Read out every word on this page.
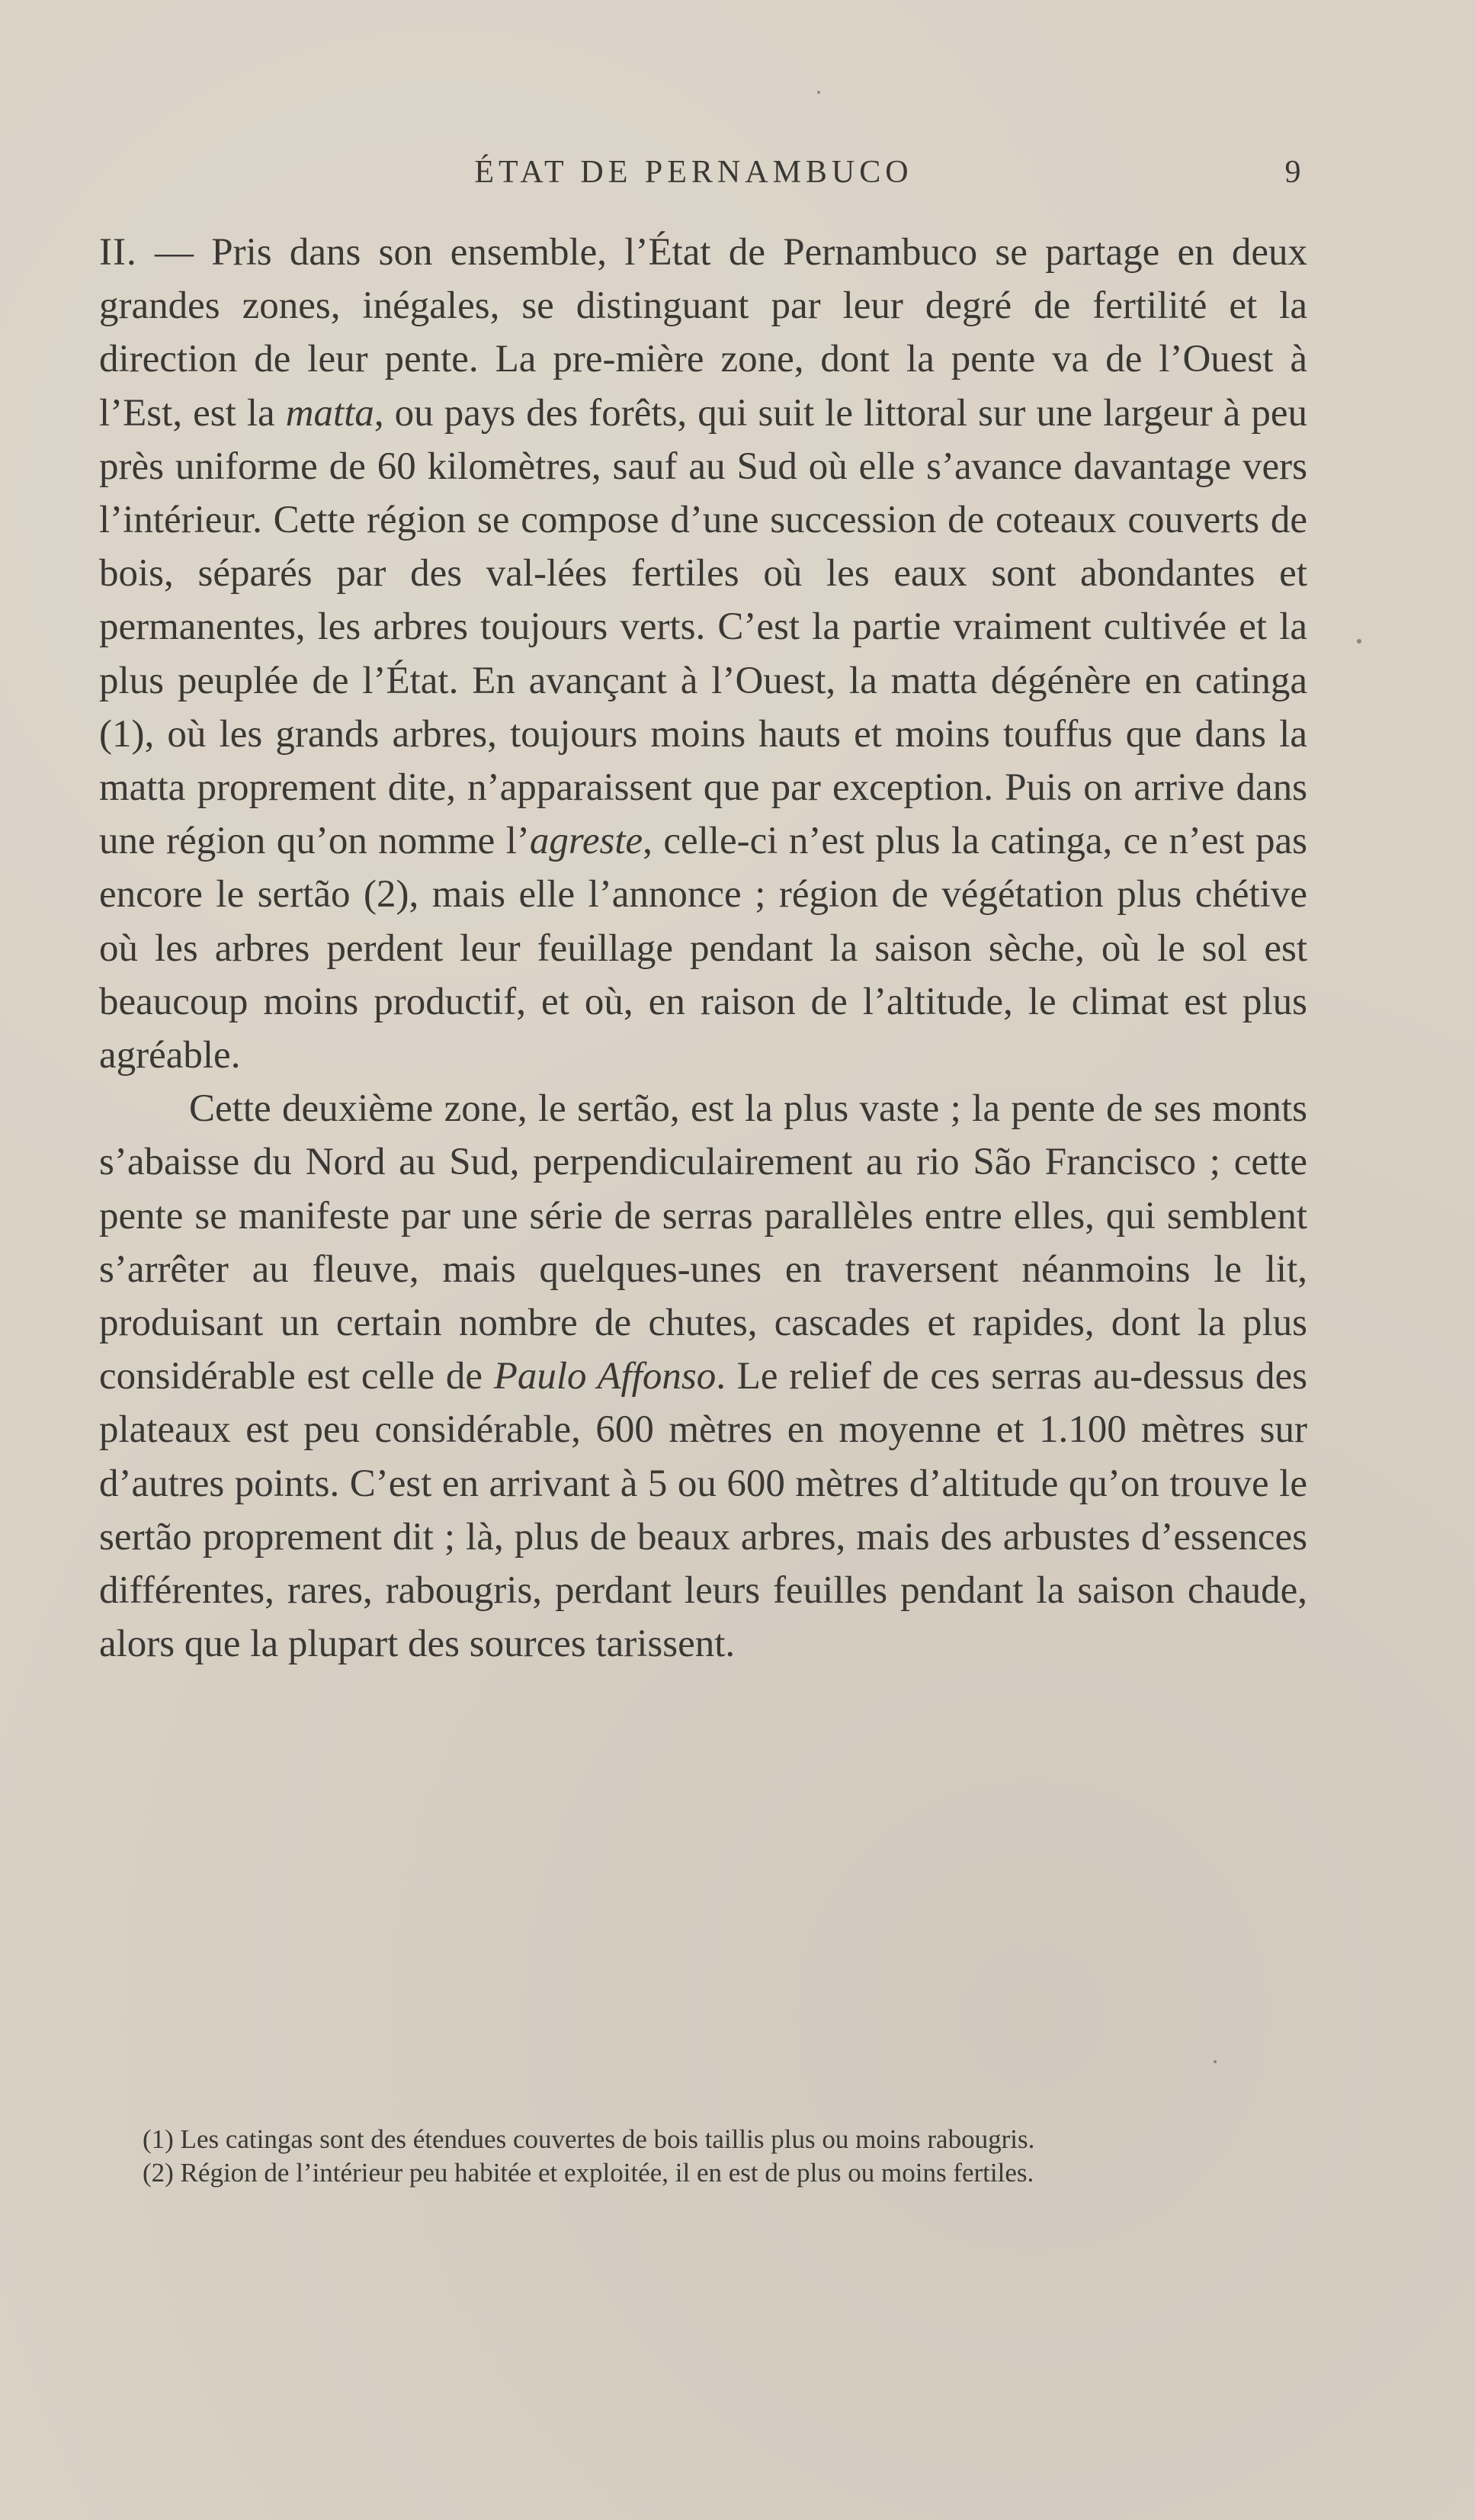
ÉTAT DE PERNAMBUCO	9

II. — Pris dans son ensemble, l’État de Pernambuco se partage en deux grandes zones, inégales, se distinguant par leur degré de fertilité et la direction de leur pente. La pre-mière zone, dont la pente va de l’Ouest à l’Est, est la matta, ou pays des forêts, qui suit le littoral sur une largeur à peu près uniforme de 60 kilomètres, sauf au Sud où elle s’avance davantage vers l’intérieur. Cette région se compose d’une succession de coteaux couverts de bois, séparés par des val-lées fertiles où les eaux sont abondantes et permanentes, les arbres toujours verts. C’est la partie vraiment cultivée et la plus peuplée de l’État. En avançant à l’Ouest, la matta dégénère en catinga (1), où les grands arbres, toujours moins hauts et moins touffus que dans la matta proprement dite, n’apparaissent que par exception. Puis on arrive dans une région qu’on nomme l’agreste, celle-ci n’est plus la catinga, ce n’est pas encore le sertão (2), mais elle l’annonce ; région de végétation plus chétive où les arbres perdent leur feuillage pendant la saison sèche, où le sol est beaucoup moins productif, et où, en raison de l’altitude, le climat est plus agréable.

Cette deuxième zone, le sertão, est la plus vaste ; la pente de ses monts s’abaisse du Nord au Sud, perpendiculairement au rio São Francisco ; cette pente se manifeste par une série de serras parallèles entre elles, qui semblent s’arrêter au fleuve, mais quelques-unes en traversent néanmoins le lit, produisant un certain nombre de chutes, cascades et rapides, dont la plus considérable est celle de Paulo Affonso. Le relief de ces serras au-dessus des plateaux est peu considérable, 600 mètres en moyenne et 1.100 mètres sur d’autres points. C’est en arrivant à 5 ou 600 mètres d’altitude qu’on trouve le sertão proprement dit ; là, plus de beaux arbres, mais des arbustes d’essences différentes, rares, rabougris, perdant leurs feuilles pendant la saison chaude, alors que la plupart des sources tarissent.

(1) Les catingas sont des étendues couvertes de bois taillis plus ou moins rabougris.

(2) Région de l’intérieur peu habitée et exploitée, il en est de plus ou moins fertiles.
